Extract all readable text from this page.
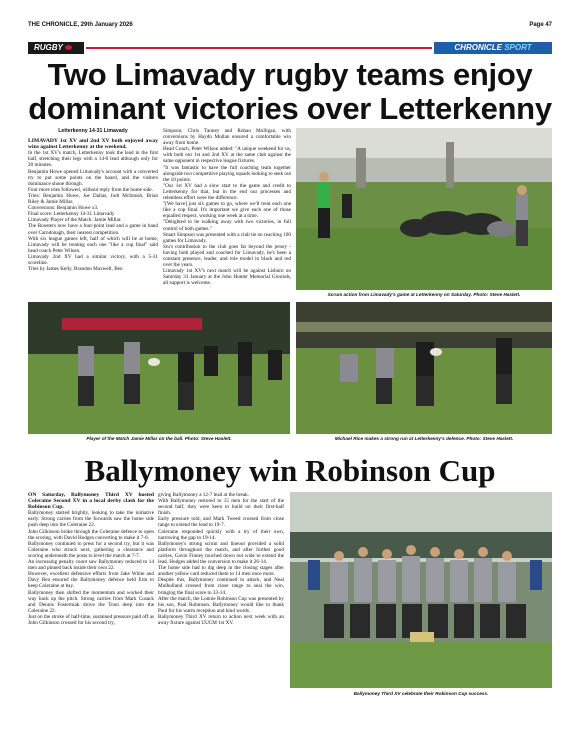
THE CHRONICLE, 29th January 2026	Page 47
RUGBY	CHRONICLE SPORT
Two Limavady rugby teams enjoy dominant victories over Letterkenny

Letterkenny 14-31 Limavady

LIMAVADY 1st XV and 2nd XV both enjoyed away wins against Letterkenny at the weekend.

In the 1st XV's match, Letterkenny took the lead in the first half, stretching their legs with a 14-0 lead although only for 20 minutes.

Benjamin Howe opened Limavady's account with a converted try to put some points on the board, and the visitors dominance shone through.

Four more tries followed, without reply from the home side.

Tries: Benjamin Howe, Joe Dallas, Judt McIntosh, Brian Riley & Jamie Millar.

Conversions: Benjamin Howe x3.

Final score: Letterkenny 14-31 Limavady

Limavady Player of the Match: Jamie Millar.

The Roosters now have a four-point lead and a game in hand over Carndonagh, their nearest competition.

With six league games left, half of which will be at home, Limavady will be treating each one "like a cup final" said head coach Peter Wilson.

Limavady 2nd XV had a similar victory, with a 5-31 scoreline.

Tries by James Kelly, Brandon Maxwell, Ben

Simpson, Chris Tanney and Rohan Mulligan, with conversions by Haydn Mullan ensured a comfortable win away from home.

Head Coach, Peter Wilson added: "A unique weekend for us, with both our 1st and 2nd XV at the same club against the same opponent in respective league fixtures.

"It was fantastic to have the full coaching team together alongside two competitive playing squads looking to seek out the 10 points.

"Our 1st XV had a slow start to the game and credit to Letterkenny for that, but in the end our processes and relentless effort were the difference.

"[We have] just six games to go, where we'll treat each one like a cup final. It's important we give each one of those equalled respect, working one week at a time.

"Delighted to be walking away with two victories, in full control of both games."

Stuart Simpson was presented with a club tie on reaching 100 games for Limavady.

Stu's contribution to the club goes far beyond the jersey - having both played and coached for Limavady, he's been a constant presence, leader, and role model in black and red over the years.

Limavady 1st XV's next match will be against Lisburn on Saturday 31 January at the John Hunter Memorial Grounds, all support is welcome.

Scrum action from Limavady's game at Letterkenny on Saturday. Photo: Steve Haslett.
Player of the Match Jamie Millar on the ball. Photo: Steve Haslett.	Michael Rice makes a strong run at Letterkenny's defence. Photo: Steve Haslett.
Ballymoney win Robinson Cup

ON Saturday, Ballymoney Third XV hosted Coleraine Second XV in a local derby clash for the Robinson Cup.

Ballymoney started brightly, looking to take the initiative early. Strong carries from the forwards saw the home side push deep into the Coleraine 22.

John Gilkinson broke through the Coleraine defence to open the scoring, with David Hodges converting to make it 7-0.

Ballymoney continued to press for a second try, but it was Coleraine who struck next, gathering a clearance and scoring underneath the posts to level the match at 7-7.

An increasing penalty count saw Ballymoney reduced to 14 men and pinned back inside their own 22.

However, excellent defensive efforts from Jake White and Davy Rea ensured the Ballymoney defence held firm to keep Coleraine at bay.

Ballymoney then shifted the momentum and worked their way back up the pitch. Strong carries from Mark Cusack and Dennis Fosterniak drove the Toon deep into the Coleraine 22.

Just on the stroke of half-time, sustained pressure paid off as John Gilkinson crossed for his second try,

giving Ballymoney a 12-7 lead at the break.

With Ballymoney restored to 15 men for the start of the second half, they were keen to build on their first-half finish.

Early pressure told, and Mark Tweed crossed from close range to extend the lead to 19-7.

Coleraine responded quickly with a try of their own, narrowing the gap to 19-14.

Ballymoney's strong scrum and lineout provided a solid platform throughout the match, and after further good carries, Gavin Finney touched down out wide to extend the lead. Hodges added the conversion to make it 26-14.

The home side had to dig deep in the closing stages after another yellow card reduced them to 14 men once more.

Despite this, Ballymoney continued to attack, and Neal Mulholland crossed from close range to seal the win, bringing the final score to 33-14.

After the match, the Lonnie Robinson Cup was presented by his son, Paul Robinson. Ballymoney would like to thank Paul for his warm reception and kind words.

Ballymoney Third XV return to action next week with an away fixture against UUCM 1st XV.

Ballymoney Third XV celebrate their Robinson Cup success.
